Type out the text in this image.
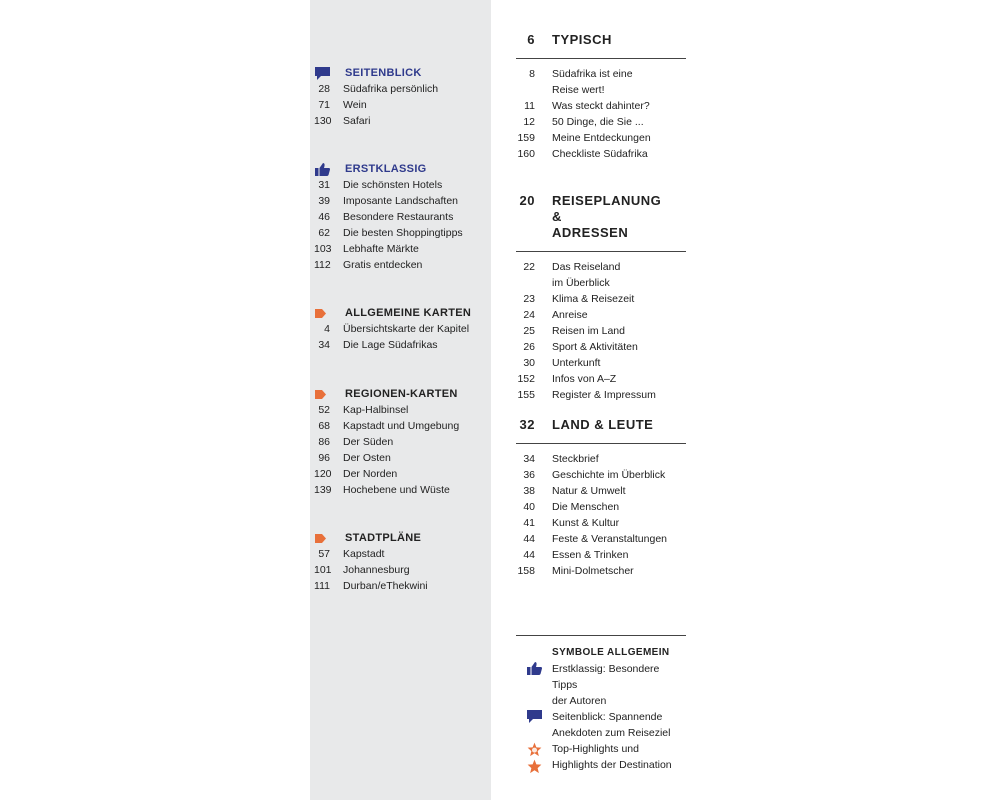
SEITENBLICK
28 Südafrika persönlich
71 Wein
130 Safari
ERSTKLASSIG
31 Die schönsten Hotels
39 Imposante Landschaften
46 Besondere Restaurants
62 Die besten Shoppingtipps
103 Lebhafte Märkte
112 Gratis entdecken
ALLGEMEINE KARTEN
4 Übersichtskarte der Kapitel
34 Die Lage Südafrikas
REGIONEN-KARTEN
52 Kap-Halbinsel
68 Kapstadt und Umgebung
86 Der Süden
96 Der Osten
120 Der Norden
139 Hochebene und Wüste
STADTPLÄNE
57 Kapstadt
101 Johannesburg
111 Durban/eThekwini
6 TYPISCH
8 Südafrika ist eine
Reise wert!
11 Was steckt dahinter?
12 50 Dinge, die Sie ...
159 Meine Entdeckungen
160 Checkliste Südafrika
20 REISEPLANUNG &
ADRESSEN
22 Das Reiseland
im Überblick
23 Klima & Reisezeit
24 Anreise
25 Reisen im Land
26 Sport & Aktivitäten
30 Unterkunft
152 Infos von A–Z
155 Register & Impressum
32 LAND & LEUTE
34 Steckbrief
36 Geschichte im Überblick
38 Natur & Umwelt
40 Die Menschen
41 Kunst & Kultur
44 Feste & Veranstaltungen
44 Essen & Trinken
158 Mini-Dolmetscher
SYMBOLE ALLGEMEIN
Erstklassig: Besondere Tipps
der Autoren
Seitenblick: Spannende
Anekdoten zum Reiseziel
Top-Highlights und
Highlights der Destination
